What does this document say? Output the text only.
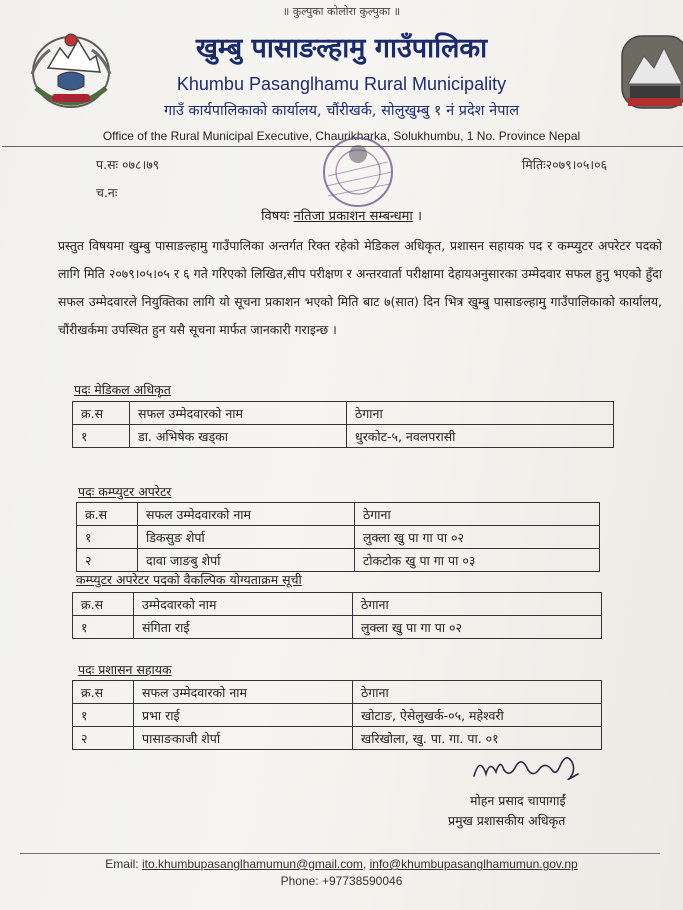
॥ कुल्पुका कोलोरा कुल्पुका ॥
खुम्बु पासाङल्हामु गाउँपालिका
Khumbu Pasanglhamu Rural Municipality
गाउँ कार्यपालिकाको कार्यालय, चौंरीखर्क, सोलुखुम्बु १ नं प्रदेश नेपाल
Office of the Rural Municipal Executive, Chaurikharka, Solukhumbu, 1 No. Province Nepal
प.सः ०७८।७९
च.नः
मितिः२०७९।०५।०६
विषयः नतिजा प्रकाशन सम्बन्धमा ।
प्रस्तुत विषयमा खुम्बु पासाङल्हामु गाउँपालिका अन्तर्गत रिक्त रहेको मेडिकल अधिकृत, प्रशासन सहायक पद र कम्प्युटर अपरेटर पदको लागि मिति २०७९।०५।०५ र ६ गते गरिएको लिखित,सीप परीक्षण र अन्तरवार्ता परीक्षामा देहायअनुसारका उम्मेदवार सफल हुनु भएको हुँदा सफल उम्मेदवारले नियुक्तिका लागि यो सूचना प्रकाशन भएको मिति बाट ७(सात) दिन भित्र खुम्बु पासाङल्हामु गाउँपालिकाको कार्यालय, चौंरीखर्कमा उपस्थित हुन यसै सूचना मार्फत जानकारी गराइन्छ ।
पदः मेडिकल अधिकृत
क्र.स	सफल उम्मेदवारको नाम	ठेगाना
१	डा. अभिषेक खड्का	धुरकोट-५, नवलपरासी
पदः कम्प्युटर अपरेटर
क्र.स	सफल उम्मेदवारको नाम	ठेगाना
१	डिकसुङ शेर्पा	लुक्ला खु पा गा पा ०२
२	दावा जाङबु शेर्पा	टोकटोक खु पा गा पा ०३
कम्प्युटर अपरेटर पदको वैकल्पिक योग्यताक्रम सूची
क्र.स	उम्मेदवारको नाम	ठेगाना
१	संगिता राई	लुक्ला खु पा गा पा ०२
पदः प्रशासन सहायक
क्र.स	सफल उम्मेदवारको नाम	ठेगाना
१	प्रभा राई	खोटाङ, ऐसेलुखर्क-०५, महेश्वरी
२	पासाङकाजी शेर्पा	खरिखोला, खु. पा. गा. पा. ०१
मोहन प्रसाद चापागाईं
प्रमुख प्रशासकीय अधिकृत
Email: ito.khumbupasanglhamumun@gmail.com, info@khumbupasanglhamumun.gov.np
Phone: +97738590046
